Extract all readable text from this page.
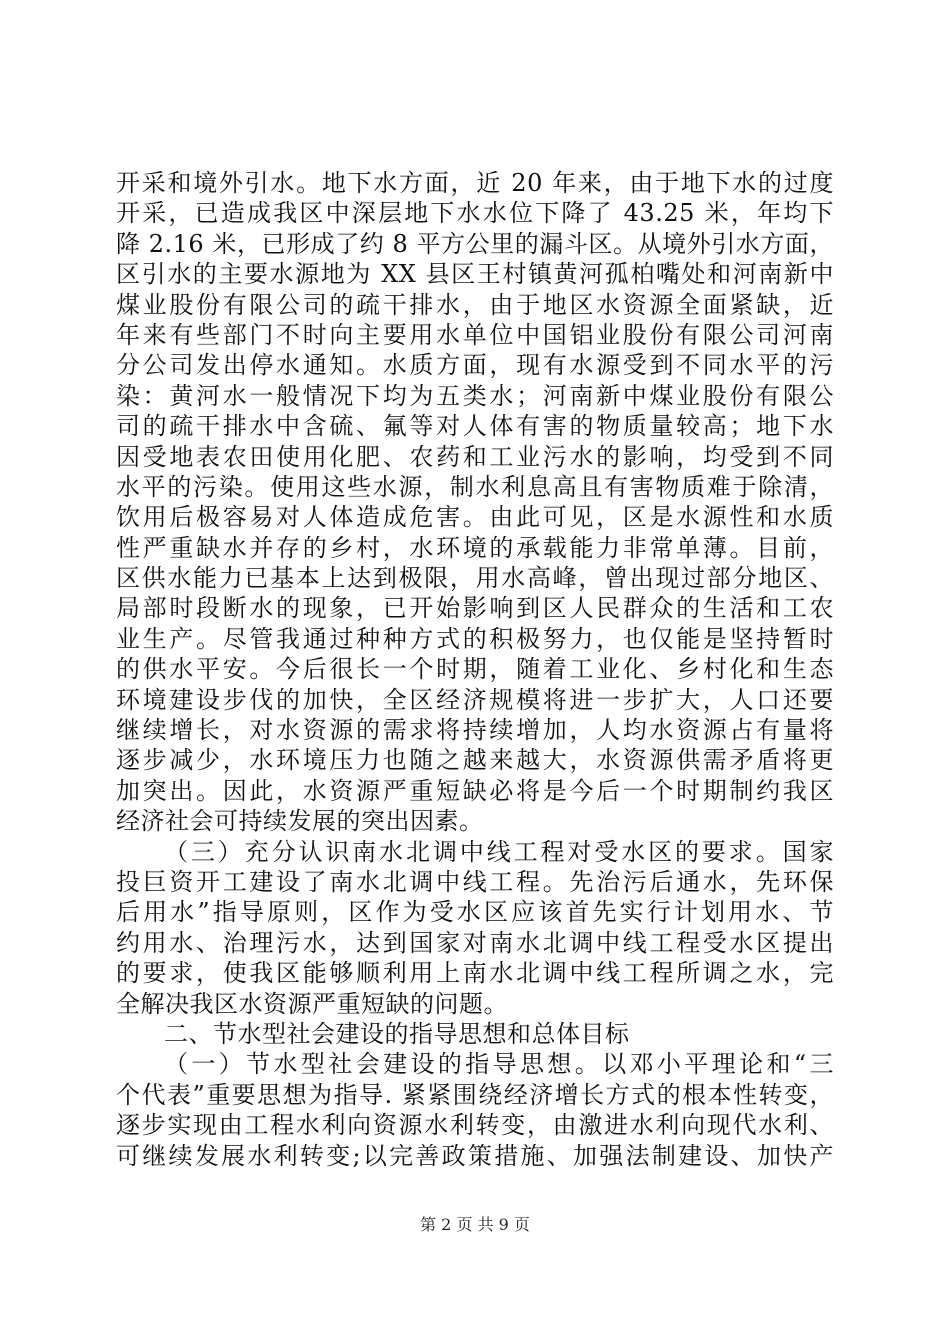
开采和境外引水。地下水方面，近 20 年来，由于地下水的过度
开采，已造成我区中深层地下水水位下降了 43.25 米，年均下
降 2.16 米，已形成了约 8 平方公里的漏斗区。从境外引水方面，
区引水的主要水源地为 XX 县区王村镇黄河孤柏嘴处和河南新中
煤业股份有限公司的疏干排水，由于地区水资源全面紧缺，近
年来有些部门不时向主要用水单位中国铝业股份有限公司河南
分公司发出停水通知。水质方面，现有水源受到不同水平的污
染：黄河水一般情况下均为五类水；河南新中煤业股份有限公
司的疏干排水中含硫、氟等对人体有害的物质量较高；地下水
因受地表农田使用化肥、农药和工业污水的影响，均受到不同
水平的污染。使用这些水源，制水利息高且有害物质难于除清，
饮用后极容易对人体造成危害。由此可见，区是水源性和水质
性严重缺水并存的乡村，水环境的承载能力非常单薄。目前，
区供水能力已基本上达到极限，用水高峰，曾出现过部分地区、
局部时段断水的现象，已开始影响到区人民群众的生活和工农
业生产。尽管我通过种种方式的积极努力，也仅能是坚持暂时
的供水平安。今后很长一个时期，随着工业化、乡村化和生态
环境建设步伐的加快，全区经济规模将进一步扩大，人口还要
继续增长，对水资源的需求将持续增加，人均水资源占有量将
逐步减少，水环境压力也随之越来越大，水资源供需矛盾将更
加突出。因此，水资源严重短缺必将是今后一个时期制约我区
经济社会可持续发展的突出因素。
（三）充分认识南水北调中线工程对受水区的要求。国家
投巨资开工建设了南水北调中线工程。先治污后通水，先环保
后用水”指导原则，区作为受水区应该首先实行计划用水、节
约用水、治理污水，达到国家对南水北调中线工程受水区提出
的要求，使我区能够顺利用上南水北调中线工程所调之水，完
全解决我区水资源严重短缺的问题。
二、节水型社会建设的指导思想和总体目标
（一）节水型社会建设的指导思想。以邓小平理论和“三
个代表”重要思想为指导. 紧紧围绕经济增长方式的根本性转变，
逐步实现由工程水利向资源水利转变，由激进水利向现代水利、
可继续发展水利转变;以完善政策措施、加强法制建设、加快产
第 2 页 共 9 页
